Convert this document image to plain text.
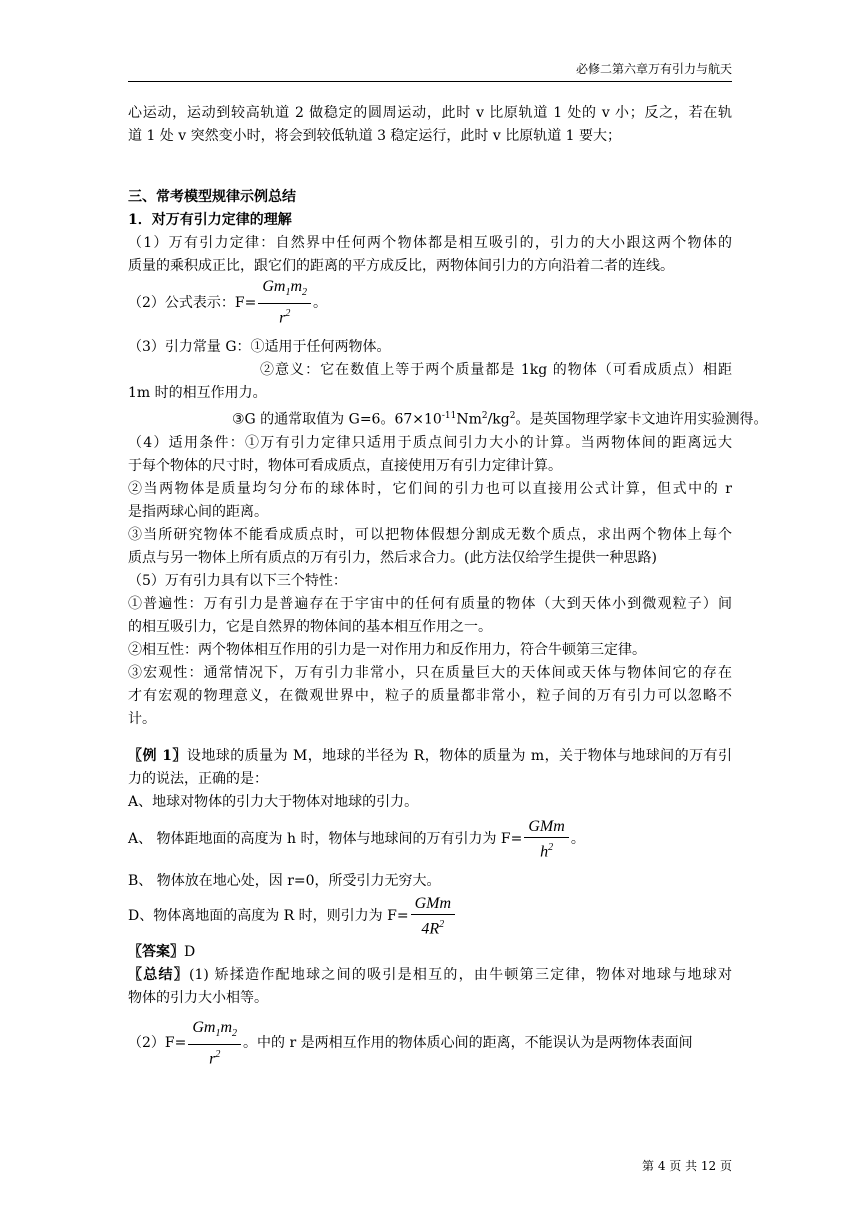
必修二第六章万有引力与航天
心运动，运动到较高轨道 2 做稳定的圆周运动，此时 v 比原轨道 1 处的 v 小；反之，若在轨
道 1 处 v 突然变小时，将会到较低轨道 3 稳定运行，此时 v 比原轨道 1 要大；
三、常考模型规律示例总结
1．对万有引力定律的理解
（1）万有引力定律：自然界中任何两个物体都是相互吸引的，引力的大小跟这两个物体的
质量的乘积成正比，跟它们的距离的平方成反比，两物体间引力的方向沿着二者的连线。
（2）公式表示：$F= \frac{Gm_1m_2}{r^2}$ 。
（3）引力常量 G：①适用于任何两物体。
②意义：它在数值上等于两个质量都是 1kg 的物体（可看成质点）相距
1m 时的相互作用力。
③G 的通常取值为 G=6。$67\times 10^{-11}Nm^2/kg^2$。是英国物理学家卡文迪许用实验测得。
（4）适用条件：①万有引力定律只适用于质点间引力大小的计算。当两物体间的距离远大
于每个物体的尺寸时，物体可看成质点，直接使用万有引力定律计算。
②当两物体是质量均匀分布的球体时，它们间的引力也可以直接用公式计算，但式中的 r
是指两球心间的距离。
③当所研究物体不能看成质点时，可以把物体假想分割成无数个质点，求出两个物体上每个
质点与另一物体上所有质点的万有引力，然后求合力。(此方法仅给学生提供一种思路)
（5）万有引力具有以下三个特性：
①普遍性：万有引力是普遍存在于宇宙中的任何有质量的物体（大到天体小到微观粒子）间
的相互吸引力，它是自然界的物体间的基本相互作用之一。
②相互性：两个物体相互作用的引力是一对作用力和反作用力，符合牛顿第三定律。
③宏观性：通常情况下，万有引力非常小，只在质量巨大的天体间或天体与物体间它的存在
才有宏观的物理意义，在微观世界中，粒子的质量都非常小，粒子间的万有引力可以忽略不
计。
〖例 1〗设地球的质量为 M，地球的半径为 R，物体的质量为 m，关于物体与地球间的万有引
力的说法，正确的是：
A、地球对物体的引力大于物体对地球的引力。
A、 物体距地面的高度为 h 时，物体与地球间的万有引力为 $F= \frac{\text{GMm}}{h^2}$ 。
B、 物体放在地心处，因 r=0，所受引力无穷大。
D、物体离地面的高度为 R 时，则引力为 $F= \frac{\text{GMm}}{4R^2}$
〖答案〗D
〖总结〗(1) 矫揉造作配地球之间的吸引是相互的，由牛顿第三定律，物体对地球与地球对
物体的引力大小相等。
$(2)F= \frac{Gm_1m_2}{r^2}$ 。中的 r 是两相互作用的物体质心间的距离，不能误认为是两物体表面间
第 4 页 共 12 页
